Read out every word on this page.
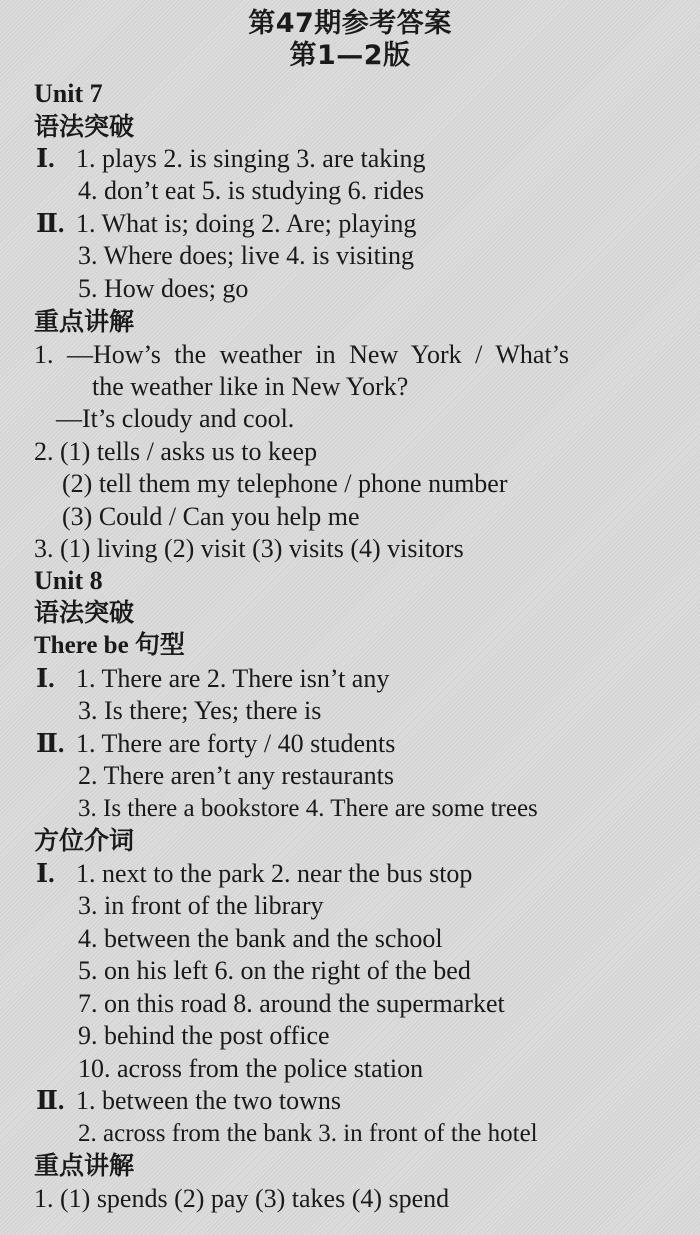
第47期参考答案
第1—2版
Unit 7
语法突破
Ⅰ. 1. plays 2. is singing 3. are taking
4. don’t eat 5. is studying 6. rides
Ⅱ. 1. What is; doing 2. Are; playing
3. Where does; live 4. is visiting
5. How does; go
重点讲解
1. —How’s the weather in New York / What’s
the weather like in New York?
—It’s cloudy and cool.
2. (1) tells / asks us to keep
(2) tell them my telephone / phone number
(3) Could / Can you help me
3. (1) living (2) visit (3) visits (4) visitors
Unit 8
语法突破
There be 句型
Ⅰ. 1. There are 2. There isn’t any
3. Is there; Yes; there is
Ⅱ. 1. There are forty / 40 students
2. There aren’t any restaurants
3. Is there a bookstore 4. There are some trees
方位介词
Ⅰ. 1. next to the park 2. near the bus stop
3. in front of the library
4. between the bank and the school
5. on his left 6. on the right of the bed
7. on this road 8. around the supermarket
9. behind the post office
10. across from the police station
Ⅱ. 1. between the two towns
2. across from the bank 3. in front of the hotel
重点讲解
1. (1) spends (2) pay (3) takes (4) spend
